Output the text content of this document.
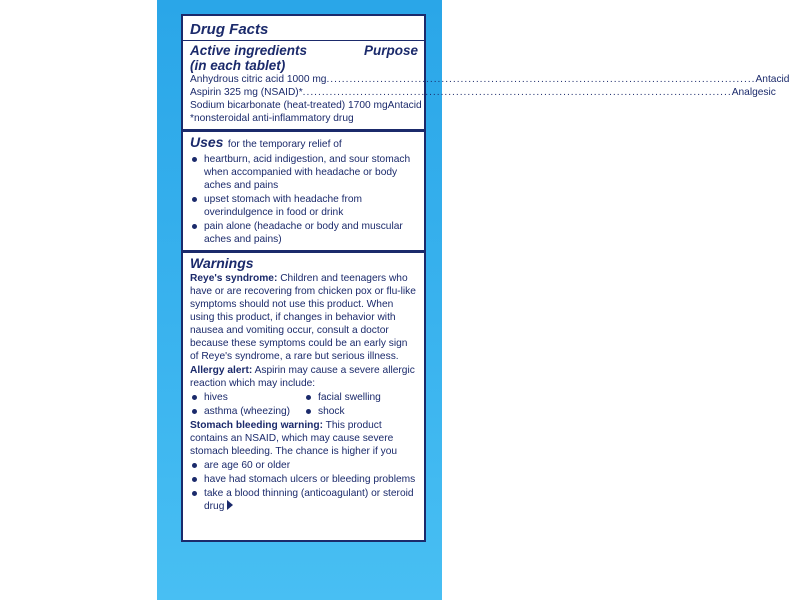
Drug Facts
Active ingredients	Purpose
(in each tablet)
Anhydrous citric acid 1000 mg .....	Antacid
Aspirin 325 mg (NSAID)* .....	Analgesic
Sodium bicarbonate (heat-treated) 1700 mg Antacid
*nonsteroidal anti-inflammatory drug
Uses for the temporary relief of
heartburn, acid indigestion, and sour stomach when accompanied with headache or body aches and pains
upset stomach with headache from overindulgence in food or drink
pain alone (headache or body and muscular aches and pains)
Warnings
Reye's syndrome: Children and teenagers who have or are recovering from chicken pox or flu-like symptoms should not use this product. When using this product, if changes in behavior with nausea and vomiting occur, consult a doctor because these symptoms could be an early sign of Reye's syndrome, a rare but serious illness.
Allergy alert: Aspirin may cause a severe allergic reaction which may include:
hives
asthma (wheezing)
facial swelling
shock
Stomach bleeding warning: This product contains an NSAID, which may cause severe stomach bleeding. The chance is higher if you
are age 60 or older
have had stomach ulcers or bleeding problems
take a blood thinning (anticoagulant) or steroid drug
